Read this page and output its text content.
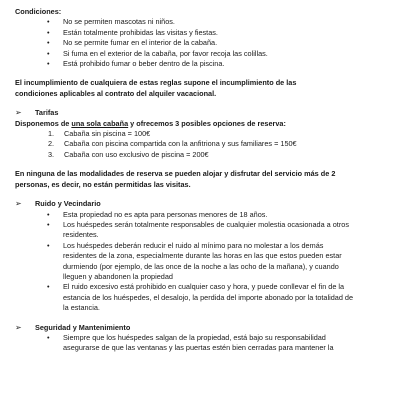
Condiciones:

• No se permiten mascotas ni niños.
• Están totalmente prohibidas las visitas y fiestas.
• No se permite fumar en el interior de la cabaña.
• Si fuma en el exterior de la cabaña, por favor recoja las colillas.
• Está prohibido fumar o beber dentro de la piscina.

El incumplimiento de cualquiera de estas reglas supone el incumplimiento de las

condiciones aplicables al contrato del alquiler vacacional.

➢	Tarifas

Disponemos de una sola cabaña y ofrecemos 3 posibles opciones de reserva:

1. Cabaña sin piscina = 100€
2. Cabaña con piscina compartida con la anfitriona y sus familiares = 150€
3. Cabaña con uso exclusivo de piscina = 200€

En ninguna de las modalidades de reserva se pueden alojar y disfrutar del servicio más de 2

personas, es decir, no están permitidas las visitas.

➢	Ruido y Vecindario
• Esta propiedad no es apta para personas menores de 18 años.
• Los huéspedes serán totalmente responsables de cualquier molestia ocasionada a otros
residentes.
• Los huéspedes deberán reducir el ruido al mínimo para no molestar a los demás
residentes de la zona, especialmente durante las horas en las que estos pueden estar
durmiendo (por ejemplo, de las once de la noche a las ocho de la mañana), y cuando
lleguen y abandonen la propiedad
• El ruido excesivo está prohibido en cualquier caso y hora, y puede conllevar el fin de la
estancia de los huéspedes, el desalojo, la perdida del importe abonado por la totalidad de
la estancia.
➢	Seguridad y Mantenimiento
• Siempre que los huéspedes salgan de la propiedad, está bajo su responsabilidad
asegurarse de que las ventanas y las puertas estén bien cerradas para mantener la
